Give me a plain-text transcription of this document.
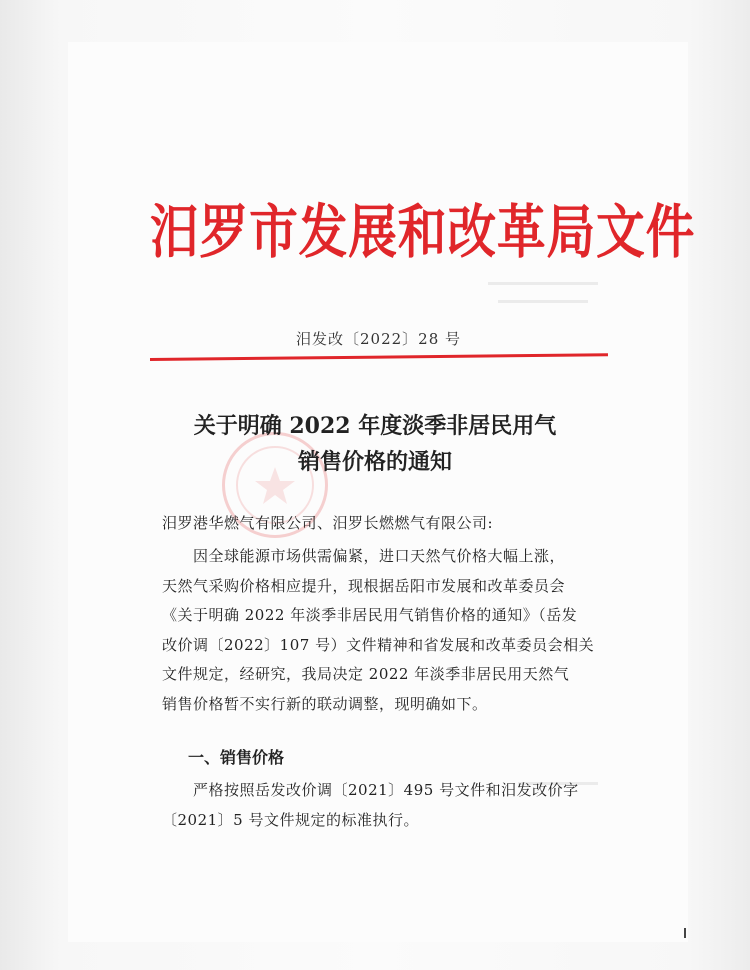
汨罗市发展和改革局文件
汨发改〔2022〕28 号
关于明确 2022 年度淡季非居民用气
销售价格的通知
汨罗港华燃气有限公司、汨罗长燃燃气有限公司:
　　因全球能源市场供需偏紧，进口天然气价格大幅上涨，
天然气采购价格相应提升，现根据岳阳市发展和改革委员会
《关于明确 2022 年淡季非居民用气销售价格的通知》（岳发
改价调〔2022〕107 号）文件精神和省发展和改革委员会相关
文件规定，经研究，我局决定 2022 年淡季非居民用天然气
销售价格暂不实行新的联动调整，现明确如下。
一、销售价格
　　严格按照岳发改价调〔2021〕495 号文件和汨发改价字
〔2021〕5 号文件规定的标准执行。
